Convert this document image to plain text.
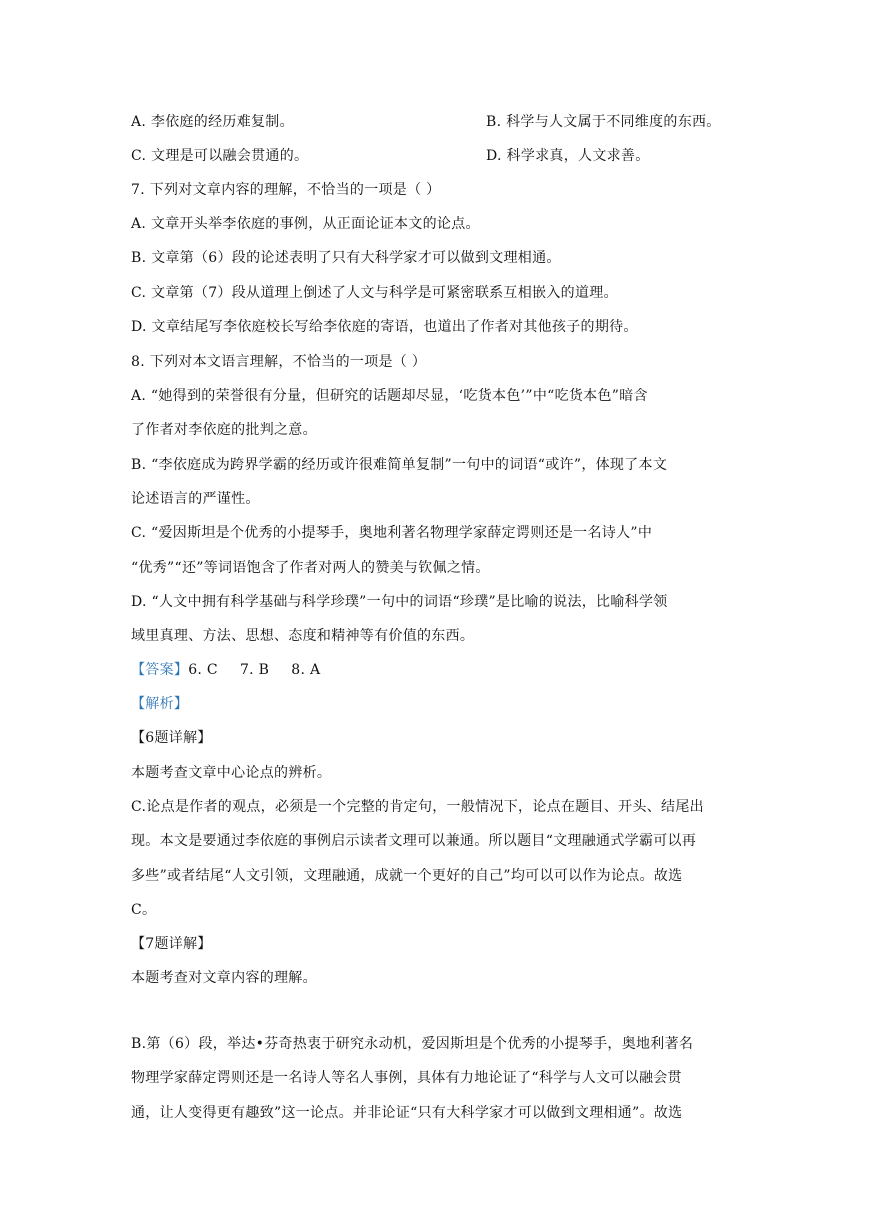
A. 李依庭的经历难复制。	B. 科学与人文属于不同维度的东西。
C. 文理是可以融会贯通的。	D. 科学求真，人文求善。
7. 下列对文章内容的理解，不恰当的一项是（ ）
A. 文章开头举李依庭的事例，从正面论证本文的论点。
B. 文章第（6）段的论述表明了只有大科学家才可以做到文理相通。
C. 文章第（7）段从道理上倒述了人文与科学是可紧密联系互相嵌入的道理。
D. 文章结尾写李依庭校长写给李依庭的寄语，也道出了作者对其他孩子的期待。
8. 下列对本文语言理解，不恰当的一项是（ ）
A. “她得到的荣誉很有分量，但研究的话题却尽显，‘吃货本色’”中“吃货本色”暗含
了作者对李依庭的批判之意。
B. “李依庭成为跨界学霸的经历或许很难简单复制”一句中的词语“或许”，体现了本文
论述语言的严谨性。
C. “爱因斯坦是个优秀的小提琴手，奥地利著名物理学家薛定谔则还是一名诗人”中
“优秀”“还”等词语饱含了作者对两人的赞美与钦佩之情。
D. “人文中拥有科学基础与科学珍璞”一句中的词语“珍璞”是比喻的说法，比喻科学领
域里真理、方法、思想、态度和精神等有价值的东西。
【答案】6. C 7. B 8. A
【解析】
【6题详解】
本题考查文章中心论点的辨析。
C.论点是作者的观点，必须是一个完整的肯定句，一般情况下，论点在题目、开头、结尾出
现。本文是要通过李依庭的事例启示读者文理可以兼通。所以题目“文理融通式学霸可以再
多些”或者结尾“人文引领，文理融通，成就一个更好的自己”均可以可以作为论点。故选
C。
【7题详解】
本题考查对文章内容的理解。
B.第（6）段，举达•芬奇热衷于研究永动机，爱因斯坦是个优秀的小提琴手，奥地利著名
物理学家薛定谔则还是一名诗人等名人事例，具体有力地论证了“科学与人文可以融会贯
通，让人变得更有趣致”这一论点。并非论证“只有大科学家才可以做到文理相通”。故选
